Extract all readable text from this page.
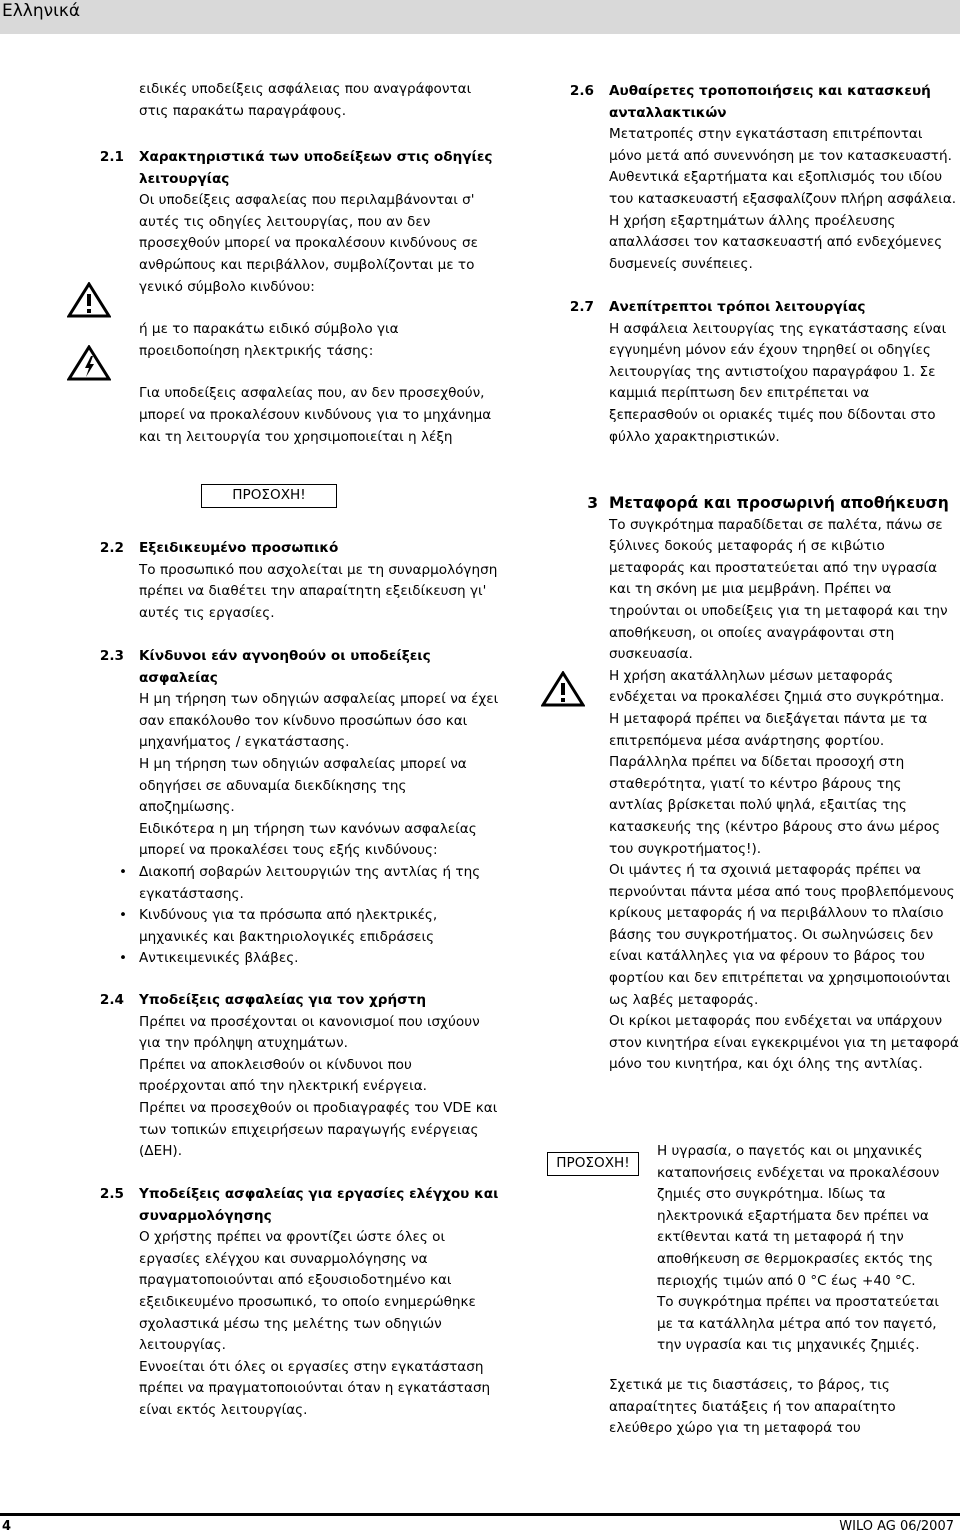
Ελληνικά

ειδικές υποδείξεις ασφάλειας που αναγράφονται

στις παρακάτω παραγράφους.

2.1 Χαρακτηριστικά των υποδείξεων στις οδηγίες λειτουργίας

Οι υποδείξεις ασφαλείας που περιλαμβάνονται σ' αυτές τις οδηγίες λειτουργίας, που αν δεν προσεχθούν μπορεί να προκαλέσουν κινδύνους σε ανθρώπους και περιβάλλον, συμβολίζονται με το γενικό σύμβολο κινδύνου:

ή με το παρακάτω ειδικό σύμβολο για προειδοποίηση ηλεκτρικής τάσης:

Για υποδείξεις ασφαλείας που, αν δεν προσεχθούν, μπορεί να προκαλέσουν κινδύνους για το μηχάνημα και τη λειτουργία του χρησιμοποιείται η λέξη

ΠΡΟΣΟΧΗ!
2.2 Εξειδικευμένο προσωπικό

Το προσωπικό που ασχολείται με τη συναρμολόγηση πρέπει να διαθέτει την απαραίτητη εξειδίκευση γι' αυτές τις εργασίες.

2.3 Κίνδυνοι εάν αγνοηθούν οι υποδείξεις ασφαλείας

Η μη τήρηση των οδηγιών ασφαλείας μπορεί να έχει σαν επακόλουθο τον κίνδυνο προσώπων όσο και μηχανήματος / εγκατάστασης.

Η μη τήρηση των οδηγιών ασφαλείας μπορεί να οδηγήσει σε αδυναμία διεκδίκησης της αποζημίωσης.

Ειδικότερα η μη τήρηση των κανόνων ασφαλείας μπορεί να προκαλέσει τους εξής κινδύνους:

• Διακοπή σοβαρών λειτουργιών της αντλίας ή της εγκατάστασης.

• Κινδύνους για τα πρόσωπα από ηλεκτρικές, μηχανικές και βακτηριολογικές επιδράσεις

• Αντικειμενικές βλάβες.

2.4 Υποδείξεις ασφαλείας για τον χρήστη

Πρέπει να προσέχονται οι κανονισμοί που ισχύουν για την πρόληψη ατυχημάτων.

Πρέπει να αποκλεισθούν οι κίνδυνοι που προέρχονται από την ηλεκτρική ενέργεια.

Πρέπει να προσεχθούν οι προδιαγραφές του VDE και των τοπικών επιχειρήσεων παραγωγής ενέργειας (ΔΕΗ).

2.5 Υποδείξεις ασφαλείας για εργασίες ελέγχου και συναρμολόγησης

Ο χρήστης πρέπει να φροντίζει ώστε όλες οι εργασίες ελέγχου και συναρμολόγησης να πραγματοποιούνται από εξουσιοδοτημένο και εξειδικευμένο προσωπικό, το οποίο ενημερώθηκε σχολαστικά μέσω της μελέτης των οδηγιών λειτουργίας.

Εννοείται ότι όλες οι εργασίες στην εγκατάσταση πρέπει να πραγματοποιούνται όταν η εγκατάσταση είναι εκτός λειτουργίας.

2.6 Αυθαίρετες τροποποιήσεις και κατασκευή ανταλλακτικών

Μετατροπές στην εγκατάσταση επιτρέπονται μόνο μετά από συνεννόηση με τον κατασκευαστή.

Αυθεντικά εξαρτήματα και εξοπλισμός του ιδίου του κατασκευαστή εξασφαλίζουν πλήρη ασφάλεια. Η χρήση εξαρτημάτων άλλης προέλευσης απαλλάσσει τον κατασκευαστή από ενδεχόμενες δυσμενείς συνέπειες.

2.7 Ανεπίτρεπτοι τρόποι λειτουργίας

Η ασφάλεια λειτουργίας της εγκατάστασης είναι εγγυημένη μόνον εάν έχουν τηρηθεί οι οδηγίες λειτουργίας της αντιστοίχου παραγράφου 1. Σε καμμιά περίπτωση δεν επιτρέπεται να ξεπερασθούν οι οριακές τιμές που δίδονται στο φύλλο χαρακτηριστικών.

3 Μεταφορά και προσωρινή αποθήκευση

Το συγκρότημα παραδίδεται σε παλέτα, πάνω σε ξύλινες δοκούς μεταφοράς ή σε κιβώτιο μεταφοράς και προστατεύεται από την υγρασία και τη σκόνη με μια μεμβράνη. Πρέπει να τηρούνται οι υποδείξεις για τη μεταφορά και την αποθήκευση, οι οποίες αναγράφονται στη συσκευασία.

Η χρήση ακατάλληλων μέσων μεταφοράς ενδέχεται να προκαλέσει ζημιά στο συγκρότημα.

Η μεταφορά πρέπει να διεξάγεται πάντα με τα επιτρεπόμενα μέσα ανάρτησης φορτίου.

Παράλληλα πρέπει να δίδεται προσοχή στη σταθερότητα, γιατί το κέντρο βάρους της αντλίας βρίσκεται πολύ ψηλά, εξαιτίας της κατασκευής της (κέντρο βάρους στο άνω μέρος του συγκροτήματος!).

Οι ιμάντες ή τα σχοινιά μεταφοράς πρέπει να περνούνται πάντα μέσα από τους προβλεπόμενους κρίκους μεταφοράς ή να περιβάλλουν το πλαίσιο βάσης του συγκροτήματος. Οι σωληνώσεις δεν είναι κατάλληλες για να φέρουν το βάρος του φορτίου και δεν επιτρέπεται να χρησιμοποιούνται ως λαβές μεταφοράς.

Οι κρίκοι μεταφοράς που ενδέχεται να υπάρχουν στον κινητήρα είναι εγκεκριμένοι για τη μεταφορά μόνο του κινητήρα, και όχι όλης της αντλίας.

ΠΡΟΣΟΧΗ!

Η υγρασία, ο παγετός και οι μηχανικές καταπονήσεις ενδέχεται να προκαλέσουν ζημιές στο συγκρότημα. Ιδίως τα ηλεκτρονικά εξαρτήματα δεν πρέπει να εκτίθενται κατά τη μεταφορά ή την αποθήκευση σε θερμοκρασίες εκτός της περιοχής τιμών από 0 °C έως +40 °C.

Το συγκρότημα πρέπει να προστατεύεται με τα κατάλληλα μέτρα από τον παγετό, την υγρασία και τις μηχανικές ζημιές.

Σχετικά με τις διαστάσεις, το βάρος, τις απαραίτητες διατάξεις ή τον απαραίτητο ελεύθερο χώρο για τη μεταφορά του

4	WILO AG 06/2007
